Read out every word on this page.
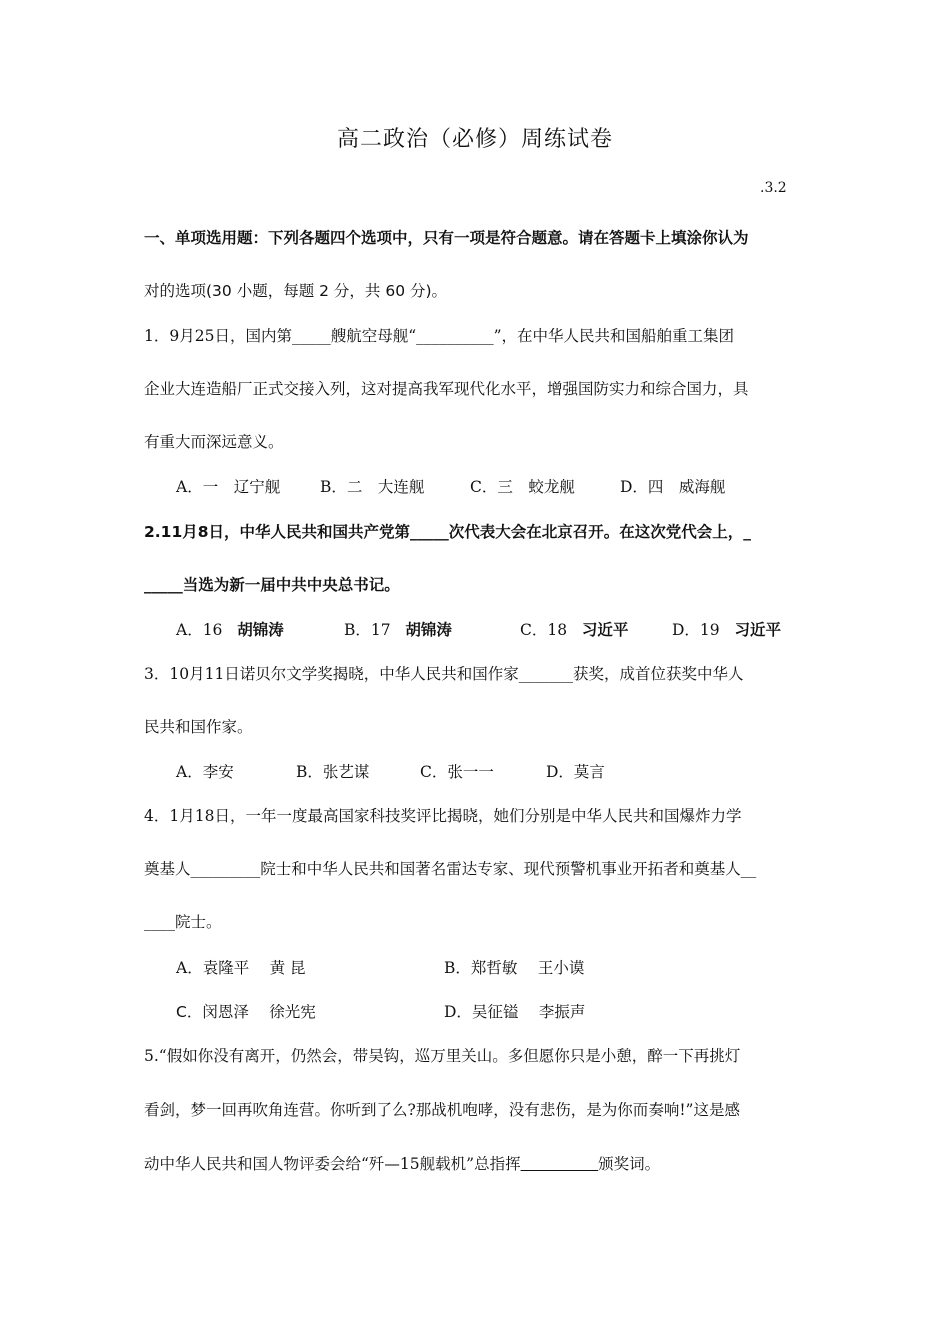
高二政治（必修）周练试卷
.3.2
一、单项选用题：下列各题四个选项中，只有一项是符合题意。请在答题卡上填涂你认为
对的选项(30 小题，每题 2 分，共 60 分)。
1．9月25日，国内第_____艘航空母舰“__________”，在中华人民共和国船舶重工集团
企业大连造船厂正式交接入列，这对提高我军现代化水平，增强国防实力和综合国力，具
有重大而深远意义。
A．一　辽宁舰	B．二　大连舰	C．三　蛟龙舰	D．四　威海舰
2.11月8日，中华人民共和国共产党第_____次代表大会在北京召开。在这次党代会上，_
_____当选为新一届中共中央总书记。
A．16 胡锦涛	B．17 胡锦涛	C．18 习近平	D．19 习近平
3．10月11日诺贝尔文学奖揭晓，中华人民共和国作家_______获奖，成首位获奖中华人
民共和国作家。
A．李安	B．张艺谋	C．张一一	D．莫言
4．1月18日，一年一度最高国家科技奖评比揭晓，她们分别是中华人民共和国爆炸力学
奠基人_________院士和中华人民共和国著名雷达专家、现代预警机事业开拓者和奠基人__
____院士。
A．袁隆平　 黄 昆	B．郑哲敏　 王小谟
C．闵恩泽　 徐光宪	D．吴征镒　 李振声
5.“假如你没有离开，仍然会，带吴钩，巡万里关山。多但愿你只是小憩，醉一下再挑灯
看剑，梦一回再吹角连营。你听到了么?那战机咆哮，没有悲伤，是为你而奏响!”这是感
动中华人民共和国人物评委会给“歼—15舰载机”总指挥　　　　　	颁奖词。
